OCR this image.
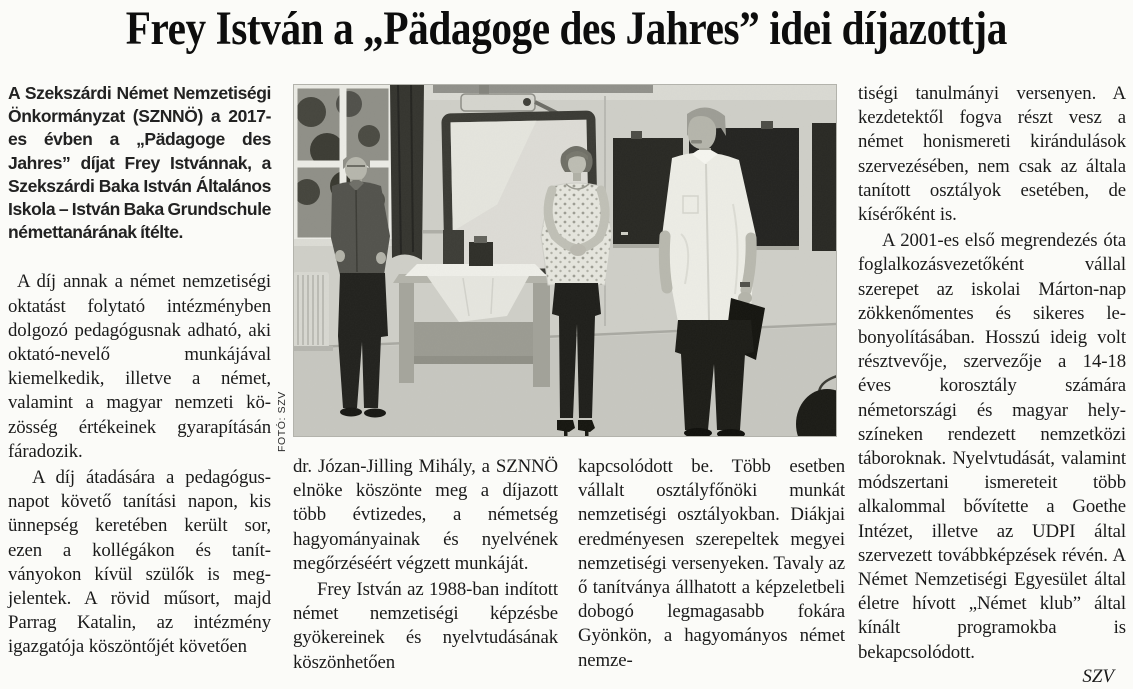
Frey István a „Pädagoge des Jahres” idei díjazottja

A Szekszárdi Német Nemzetiségi Önkormányzat (SZNNÖ) a 2017-es évben a „Pädagoge des Jahres” díjat Frey Istvánnak, a Szekszárdi Baka István Általános Iskola – István Baka Grundschule némettanárának ítélte.

A díj annak a német nemzetiségi oktatást folytató intézményben dolgozó pedagógusnak adható, aki oktató-nevelő munkájával kiemelkedik, illetve a német, valamint a magyar nemzeti közösség értékeinek gyarapításán fáradozik.

A díj átadására a pedagógusnapot követő tanítási napon, kis ünnepség keretében került sor, ezen a kollégákon és tanítványokon kívül szülők is megjelentek. A rövid műsort, majd Parrag Katalin, az intézmény igazgatója köszöntőjét követően

FOTÓ: SZV

dr. Józan-Jilling Mihály, a SZNNÖ elnöke köszönte meg a díjazott több évtizedes, a németség hagyományainak és nyelvének megőrzéséért végzett munkáját.

Frey István az 1988-ban indított német nemzetiségi képzésbe gyökereinek és nyelvtudásának köszönhetően

kapcsolódott be. Több esetben vállalt osztályfőnöki munkát nemzetiségi osztályokban. Diákjai eredményesen szerepeltek megyei nemzetiségi versenyeken. Tavaly az ő tanítványa állhatott a képzeletbeli dobogó legmagasabb fokára Gyönkön, a hagyományos német nemze-

tiségi tanulmányi versenyen. A kezdetektől fogva részt vesz a német honismereti kirándulások szervezésében, nem csak az általa tanított osztályok esetében, de kísérőként is.

A 2001-es első megrendezés óta foglalkozásvezetőként vállal szerepet az iskolai Márton-nap zökkenőmentes és sikeres lebonyolításában. Hosszú ideig volt résztvevője, szervezője a 14-18 éves korosztály számára németországi és magyar helyszíneken rendezett nemzetközi táboroknak. Nyelvtudását, valamint módszertani ismereteit több alkalommal bővítette a Goethe Intézet, illetve az UDPI által szervezett továbbképzések révén. A Német Nemzetiségi Egyesület által életre hívott „Német klub” által kínált programokba is bekapcsolódott.

SZV
